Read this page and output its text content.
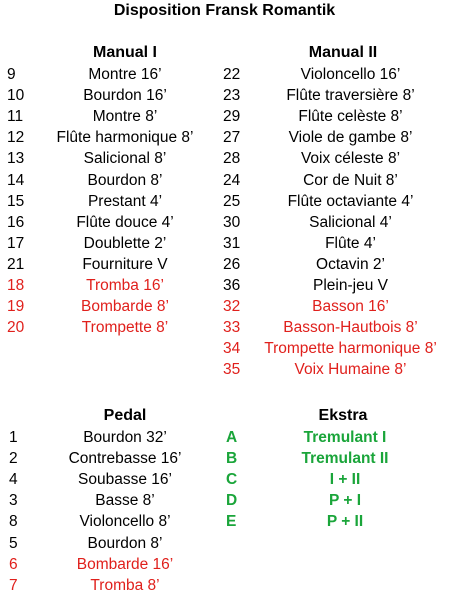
Disposition Fransk Romantik
Manual I	Manual II
Pedal	Ekstra
9	Montre 16’
10	Bourdon 16’
11	Montre 8’
12	Flûte harmonique 8’
13	Salicional 8’
14	Bourdon 8’
15	Prestant 4’
16	Flûte douce 4’
17	Doublette 2’
21	Fourniture V
18	Tromba 16’
19	Bombarde 8’
20	Trompette 8’
22	Violoncello 16’
23	Flûte traversière 8’
29	Flûte celèste 8’
27	Viole de gambe 8’
28	Voix céleste 8’
24	Cor de Nuit 8’
25	Flûte octaviante 4’
30	Salicional 4’
31	Flûte 4’
26	Octavin 2’
36	Plein-jeu V
32	Basson 16’
33	Basson-Hautbois 8’
34	Trompette harmonique 8’
35	Voix Humaine 8’
1	Bourdon 32’
2	Contrebasse 16’
4	Soubasse 16’
3	Basse 8’
8	Violoncello 8’
5	Bourdon 8’
6	Bombarde 16’
7	Tromba 8’
A	Tremulant I
B	Tremulant II
C	I + II
D	P + I
E	P + II
